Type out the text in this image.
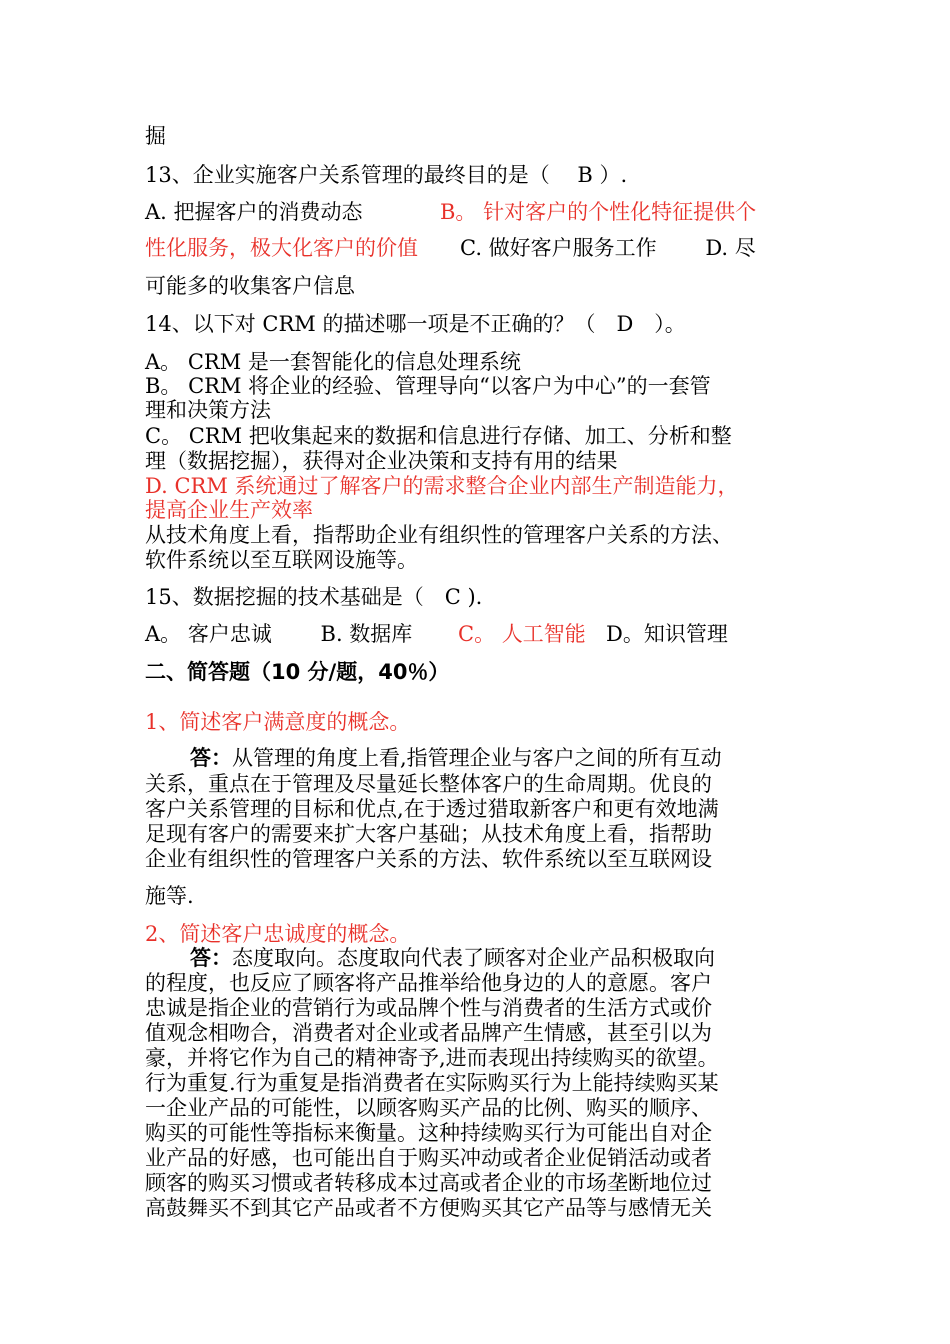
掘
13、企业实施客户关系管理的最终目的是（　 B ）.
A. 把握客户的消费动态	B。 针对客户的个性化特征提供个
性化服务，极大化客户的价值 C. 做好客户服务工作　　 D. 尽
可能多的收集客户信息
14、以下对 CRM 的描述哪一项是不正确的？（　D　）。
A。 CRM 是一套智能化的信息处理系统
B。 CRM 将企业的经验、管理导向“以客户为中心”的一套管
理和决策方法
C。 CRM 把收集起来的数据和信息进行存储、加工、分析和整
理（数据挖掘），获得对企业决策和支持有用的结果
D. CRM 系统通过了解客户的需求整合企业内部生产制造能力，
提高企业生产效率
从技术角度上看，指帮助企业有组织性的管理客户关系的方法、
软件系统以至互联网设施等。
15、数据挖掘的技术基础是（　C ).
A。 客户忠诚　　 B. 数据库 C。 人工智能 D。知识管理
二、简答题（10 分/题，40％）
1、简述客户满意度的概念。
答：从管理的角度上看,指管理企业与客户之间的所有互动
关系，重点在于管理及尽量延长整体客户的生命周期。优良的
客户关系管理的目标和优点,在于透过猎取新客户和更有效地满
足现有客户的需要来扩大客户基础；从技术角度上看，指帮助
企业有组织性的管理客户关系的方法、软件系统以至互联网设
施等.
2、简述客户忠诚度的概念。
答：态度取向。态度取向代表了顾客对企业产品积极取向
的程度，也反应了顾客将产品推举给他身边的人的意愿。客户
忠诚是指企业的营销行为或品牌个性与消费者的生活方式或价
值观念相吻合，消费者对企业或者品牌产生情感，甚至引以为
豪，并将它作为自己的精神寄予,进而表现出持续购买的欲望。
行为重复.行为重复是指消费者在实际购买行为上能持续购买某
一企业产品的可能性，以顾客购买产品的比例、购买的顺序、
购买的可能性等指标来衡量。这种持续购买行为可能出自对企
业产品的好感，也可能出自于购买冲动或者企业促销活动或者
顾客的购买习惯或者转移成本过高或者企业的市场垄断地位过
高鼓舞买不到其它产品或者不方便购买其它产品等与感情无关
